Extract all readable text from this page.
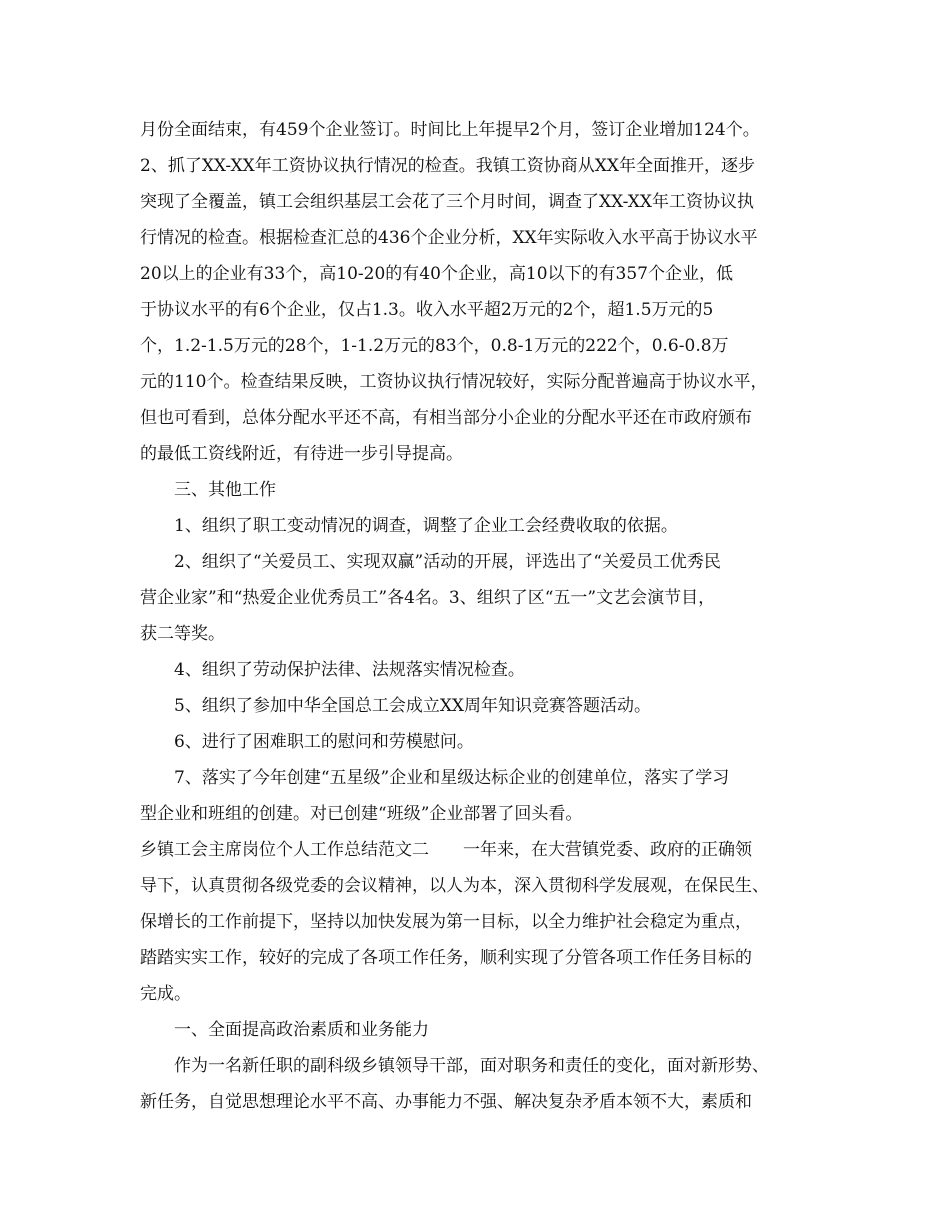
月份全面结束，有459个企业签订。时间比上年提早2个月，签订企业增加124个。
2、抓了XX-XX年工资协议执行情况的检查。我镇工资协商从XX年全面推开，逐步
突现了全覆盖，镇工会组织基层工会花了三个月时间，调查了XX-XX年工资协议执
行情况的检查。根据检查汇总的436个企业分析，XX年实际收入水平高于协议水平
20以上的企业有33个，高10-20的有40个企业，高10以下的有357个企业，低
于协议水平的有6个企业，仅占1.3。收入水平超2万元的2个，超1.5万元的5
个，1.2-1.5万元的28个，1-1.2万元的83个，0.8-1万元的222个，0.6-0.8万
元的110个。检查结果反映，工资协议执行情况较好，实际分配普遍高于协议水平，
但也可看到，总体分配水平还不高，有相当部分小企业的分配水平还在市政府颁布
的最低工资线附近，有待进一步引导提高。
三、其他工作
1、组织了职工变动情况的调查，调整了企业工会经费收取的依据。
2、组织了“关爱员工、实现双赢”活动的开展，评选出了“关爱员工优秀民
营企业家”和“热爱企业优秀员工”各4名。3、组织了区“五一”文艺会演节目，
获二等奖。
4、组织了劳动保护法律、法规落实情况检查。
5、组织了参加中华全国总工会成立XX周年知识竞赛答题活动。
6、进行了困难职工的慰问和劳模慰问。
7、落实了今年创建“五星级”企业和星级达标企业的创建单位，落实了学习
型企业和班组的创建。对已创建“班级”企业部署了回头看。
乡镇工会主席岗位个人工作总结范文二　　一年来，在大营镇党委、政府的正确领
导下，认真贯彻各级党委的会议精神，以人为本，深入贯彻科学发展观，在保民生、
保增长的工作前提下，坚持以加快发展为第一目标，以全力维护社会稳定为重点，
踏踏实实工作，较好的完成了各项工作任务，顺利实现了分管各项工作任务目标的
完成。
一、全面提高政治素质和业务能力
作为一名新任职的副科级乡镇领导干部，面对职务和责任的变化，面对新形势、
新任务，自觉思想理论水平不高、办事能力不强、解决复杂矛盾本领不大，素质和
